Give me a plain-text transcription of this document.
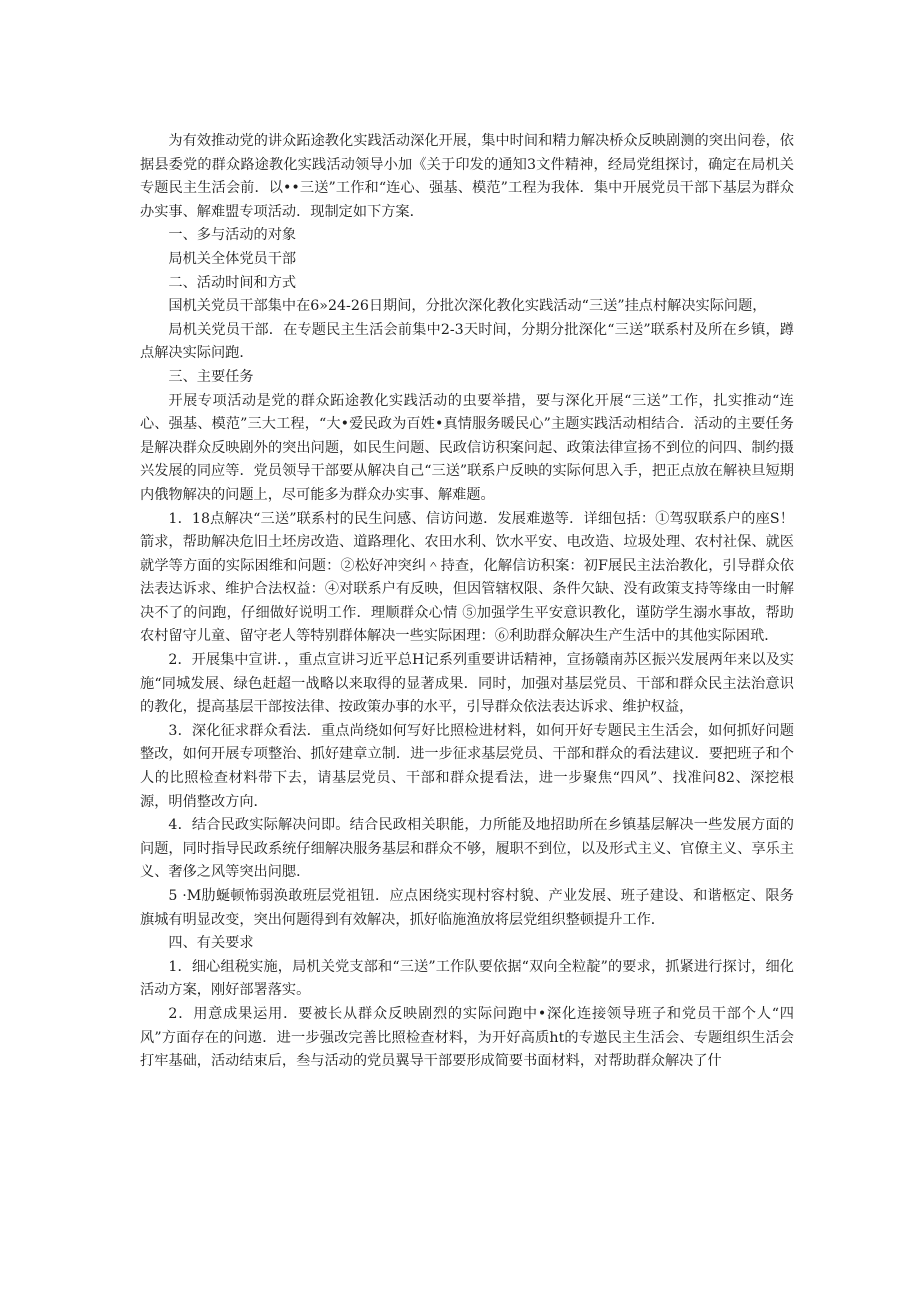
为有效推动党的讲众跖途教化实践活动深化开展，集中时间和精力解决桥众反映剧测的突出问卷，依据县委党的群众路途教化实践活动领导小加《关于印发的通知3文件精神，经局党组探讨，确定在局机关专题民主生活会前．以••三送”工作和“连心、强基、模范”工程为我体．集中开展党员干部下基层为群众办实事、解难盟专项活动．现制定如下方案．

一、多与活动的对象

局机关全体党员干部

二、活动时间和方式

国机关党员干部集中在6»24-26日期间，分批次深化教化实践活动“三送”挂点村解决实际问题，

局机关党员干部．在专题民主生活会前集中2-3天时间，分期分批深化“三送”联系村及所在乡镇，蹲点解决实际问跑．

三、主要任务

开展专项活动是党的群众跖途教化实践活动的虫要举措，要与深化开展“三送”工作，扎实推动“连心、强基、模范”三大工程，“大•爱民政为百姓•真情服务暖民心”主题实践活动相结合．活动的主要任务是解决群众反映剧外的突出问题，如民生问题、民政信访积案问起、政策法律宣扬不到位的问四、制约摄兴发展的同应等．党员领导干部要从解决自己“三送”联系户反映的实际何思入手，把正点放在解袂旦短期内俄物解决的问题上，尽可能多为群众办实事、解难题。

1．18点解决“三送”联系村的民生问感、信访问遨．发展难遨等．详细包括：①驾驭联系户的座S！箭求，帮助解决危旧土坯房改造、道路理化、农田水利、饮水平安、电改造、垃圾处理、农村社保、就医就学等方面的实际困维和问题：②松好冲突纠＾持查，化解信访积案：初F展民主法治教化，引导群众依法表达诉求、维护合法权益：④对联系户有反映，但因管辖权限、条件欠缺、没有政策支持等缘由一时解决不了的问跑，仔细做好说明工作．理顺群众心情 ⑤加强学生平安意识教化，谨防学生溺水事故，帮助农村留守儿童、留守老人等特别群体解决一些实际困理：⑥利助群众解决生产生活中的其他实际困玳．

2．开展集中宣讲．，重点宣讲习近平总H记系列重要讲话精神，宣扬赣南苏区振兴发展两年来以及实施“同城发展、绿色赶超一战略以来取得的显著成果．同时，加强对基层党员、干部和群众民主法治意识的教化，提高基层干部按法律、按政策办事的水平，引导群众依法表达诉求、维护权益，

3．深化征求群众看法．重点尚绕如何写好比照检进材料，如何开好专题民主生活会，如何抓好问题整改，如何开展专项整治、抓好建章立制．进一步征求基层党员、干部和群众的看法建议．要把班子和个人的比照检查材料带下去，请基层党员、干部和群众提看法，进一步聚焦“四风”、找准问82、深挖根源，明俏整改方向．

4．结合民政实际解决问即。结合民政相关职能，力所能及地招助所在乡镇基层解决一些发展方面的问题，同时指导民政系统仔细解决服务基层和群众不够，履职不到位，以及形式主义、官僚主义、享乐主义、奢侈之风等突出问腮．

5 ·M肋蜒顿怖弱涣敢班层党祖钮．应点困绕实现村容村貌、产业发展、班子建设、和谐柩定、限务旗城有明显改变，突出何题得到有效解决，抓好临施渔放将层党组织整顿提升工作．

四、有关要求

1．细心组税实施，局机关党支部和“三送”工作队要依据“双向全粒靛”的要求，抓紧进行探讨，细化活动方案，刚好部署落实。

2．用意成果运用．要被长从群众反映剧烈的实际问跑中•深化连接领导班子和党员干部个人“四风”方面存在的问遨．进一步强改完善比照检查材料，为开好高质ht的专遨民主生活会、专题组织生活会打牢基础，活动结束后，叁与活动的党员翼导干部要形成简要书面材料，对帮助群众解决了什
